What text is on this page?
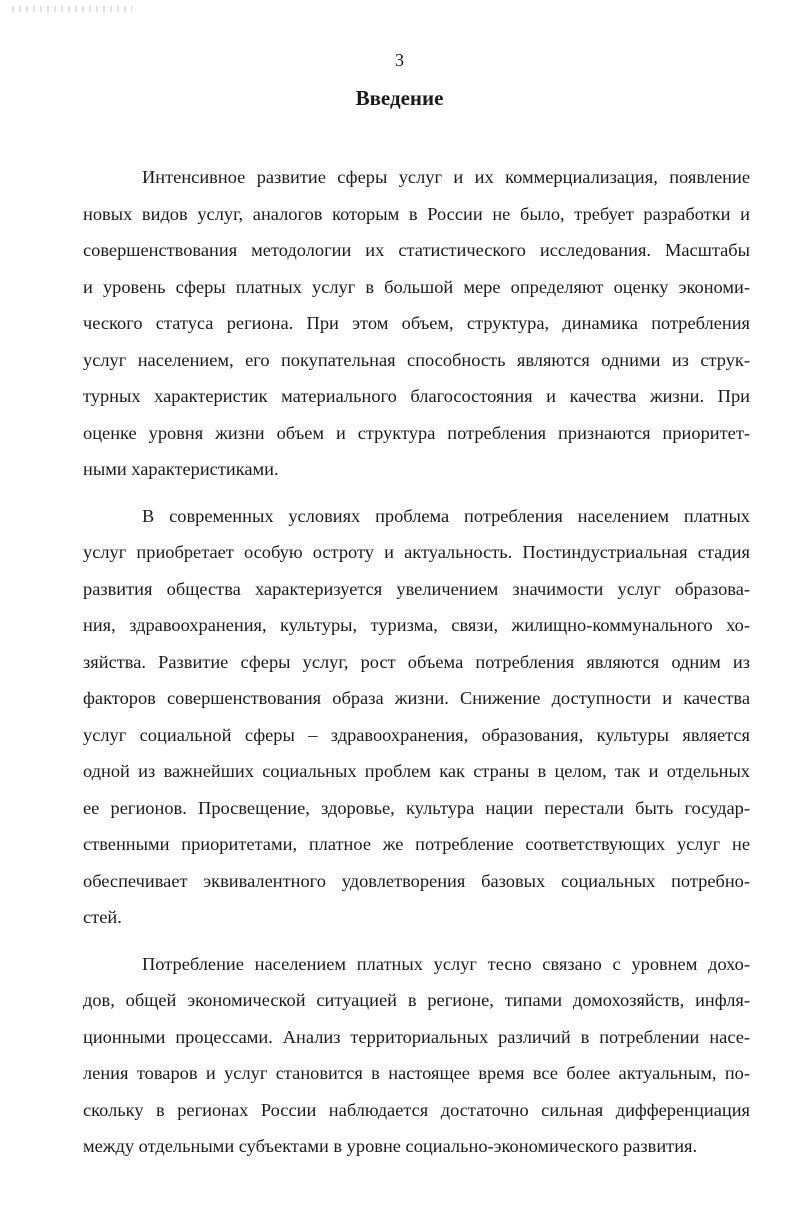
3
Введение
Интенсивное развитие сферы услуг и их коммерциализация, появление
новых видов услуг, аналогов которым в России не было, требует разработки и
совершенствования методологии их статистического исследования. Масштабы
и уровень сферы платных услуг в большой мере определяют оценку экономи-
ческого статуса региона. При этом объем, структура, динамика потребления
услуг населением, его покупательная способность являются одними из струк-
турных характеристик материального благосостояния и качества жизни. При
оценке уровня жизни объем и структура потребления признаются приоритет-
ными характеристиками.
В современных условиях проблема потребления населением платных
услуг приобретает особую остроту и актуальность. Постиндустриальная стадия
развития общества характеризуется увеличением значимости услуг образова-
ния, здравоохранения, культуры, туризма, связи, жилищно-коммунального хо-
зяйства. Развитие сферы услуг, рост объема потребления являются одним из
факторов совершенствования образа жизни. Снижение доступности и качества
услуг социальной сферы – здравоохранения, образования, культуры является
одной из важнейших социальных проблем как страны в целом, так и отдельных
ее регионов. Просвещение, здоровье, культура нации перестали быть государ-
ственными приоритетами, платное же потребление соответствующих услуг не
обеспечивает эквивалентного удовлетворения базовых социальных потребно-
стей.
Потребление населением платных услуг тесно связано с уровнем дохо-
дов, общей экономической ситуацией в регионе, типами домохозяйств, инфля-
ционными процессами. Анализ территориальных различий в потреблении насе-
ления товаров и услуг становится в настоящее время все более актуальным, по-
скольку в регионах России наблюдается достаточно сильная дифференциация
между отдельными субъектами в уровне социально-экономического развития.
